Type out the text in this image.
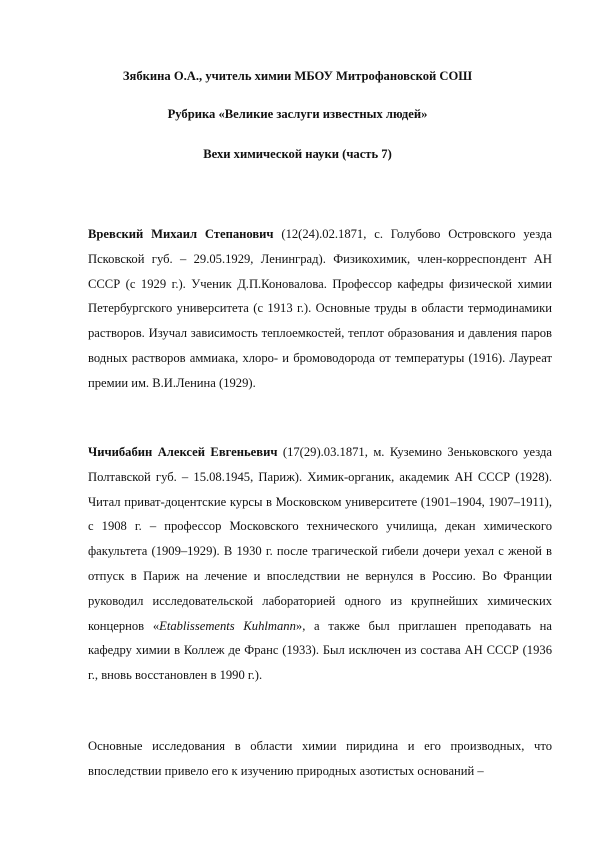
Зябкина О.А., учитель химии МБОУ Митрофановской СОШ
Рубрика «Великие заслуги известных людей»
Вехи химической науки (часть 7)
Вревский Михаил Степанович (12(24).02.1871, с. Голубово Островского уезда Псковской губ. – 29.05.1929, Ленинград). Физикохимик, член-корреспондент АН СССР (с 1929 г.). Ученик Д.П.Коновалова. Профессор кафедры физической химии Петербургского университета (с 1913 г.). Основные труды в области термодинамики растворов. Изучал зависимость теплоемкостей, теплот образования и давления паров водных растворов аммиака, хлоро- и бромоводорода от температуры (1916). Лауреат премии им. В.И.Ленина (1929).
Чичибабин Алексей Евгеньевич (17(29).03.1871, м. Куземино Зеньковского уезда Полтавской губ. – 15.08.1945, Париж). Химик-органик, академик АН СССР (1928). Читал приват-доцентские курсы в Московском университете (1901–1904, 1907–1911), с 1908 г. – профессор Московского технического училища, декан химического факультета (1909–1929). В 1930 г. после трагической гибели дочери уехал с женой в отпуск в Париж на лечение и впоследствии не вернулся в Россию. Во Франции руководил исследовательской лабораторией одного из крупнейших химических концернов «Etablissements Kuhlmann», а также был приглашен преподавать на кафедру химии в Коллеж де Франс (1933). Был исключен из состава АН СССР (1936 г., вновь восстановлен в 1990 г.).
Основные исследования в области химии пиридина и его производных, что впоследствии привело его к изучению природных азотистых оснований –
